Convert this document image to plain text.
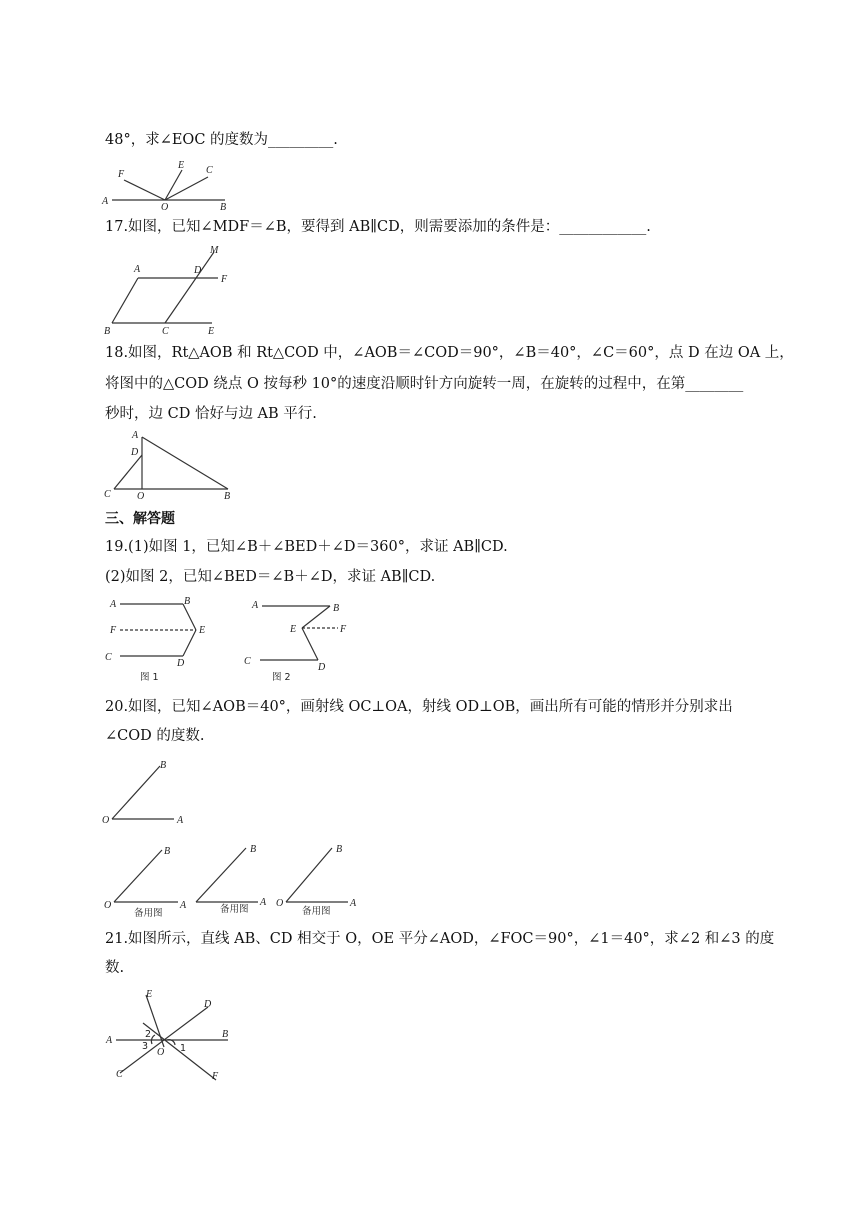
48°，求∠EOC 的度数为_________.
A
F
E C
O	B
17.如图，已知∠MDF＝∠B，要得到 AB∥CD，则需要添加的条件是：____________.
M
A	D
F
B	C	E
18.如图，Rt△AOB 和 Rt△COD 中，∠AOB＝∠COD＝90°，∠B＝40°，∠C＝60°，点 D 在边 OA 上，
将图中的△COD 绕点 O 按每秒 10°的速度沿顺时针方向旋转一周，在旋转的过程中，在第________
秒时，边 CD 恰好与边 AB 平行.
A
D
C	O	B
三、解答题
19.(1)如图 1，已知∠B＋∠BED＋∠D＝360°，求证 AB∥CD.
(2)如图 2，已知∠BED＝∠B＋∠D，求证 AB∥CD.
A	B
F	E
C
D
图 1
A	B
E	F
C
D
图 2
20.如图，已知∠AOB＝40°，画射线 OC⊥OA，射线 OD⊥OB，画出所有可能的情形并分别求出
∠COD 的度数.
O	A
B
O	A
B
备用图
A
B
备用图
O	A
B
备用图
21.如图所示，直线 AB、CD 相交于 O，OE 平分∠AOD，∠FOC＝90°，∠1＝40°，求∠2 和∠3 的度
数.
E
D
A
B
C	F
O
2
3	1
